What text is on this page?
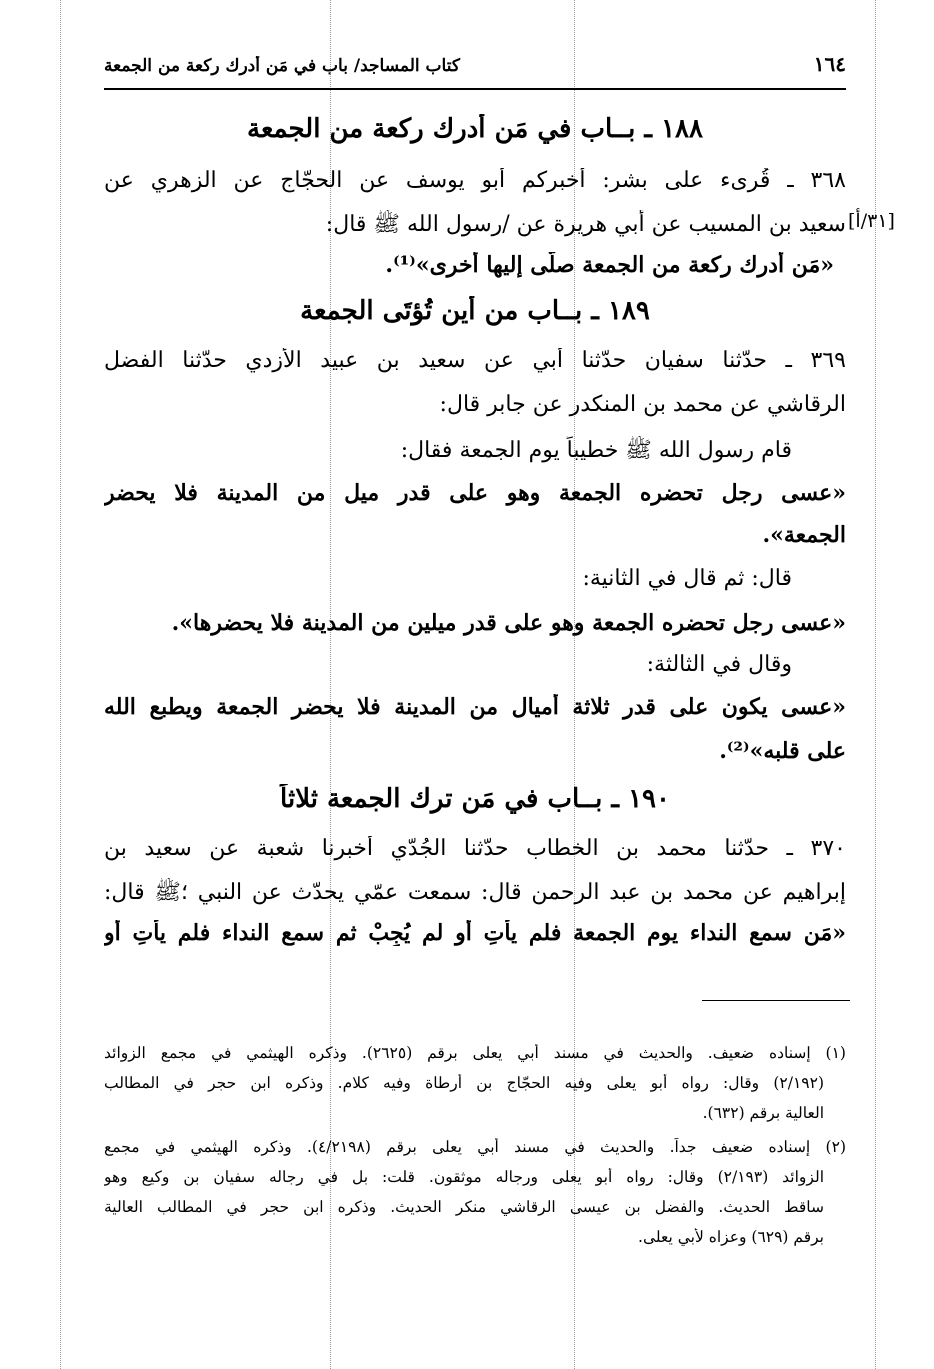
١٦٤
كتاب المساجد/ باب في مَن أدرك ركعة من الجمعة
١٨٨ ـ بــاب في مَن أدرك ركعة من الجمعة
٣٦٨ ـ قُرِىء على بشر: أخبركم أبو يوسف عن الحجّاج عن الزهري عن
سعيد بن المسيب عن أبي هريرة عن /رسول الله ﷺ قال:
«مَن أدرك ركعة من الجمعة صلّى إليها أخرى»⁽¹⁾.
١٨٩ ـ بــاب من أين تُؤتَى الجمعة
٣٦٩ ـ حدّثنا سفيان حدّثنا أبي عن سعيد بن عبيد الأزدي حدّثنا الفضل
الرقاشي عن محمد بن المنكدر عن جابر قال:
قام رسول الله ﷺ خطيباً يوم الجمعة فقال:
«عسى رجل تحضره الجمعة وهو على قدر ميل من المدينة فلا يحضر
الجمعة».
قال: ثم قال في الثانية:
«عسى رجل تحضره الجمعة وهو على قدر ميلين من المدينة فلا يحضرها».
وقال في الثالثة:
«عسى يكون على قدر ثلاثة أميال من المدينة فلا يحضر الجمعة ويطبع الله
على قلبه»⁽²⁾.
١٩٠ ـ بــاب في مَن ترك الجمعة ثلاثاً
٣٧٠ ـ حدّثنا محمد بن الخطاب حدّثنا الجُدّي أخبرنا شعبة عن سعيد بن
إبراهيم عن محمد بن عبد الرحمن قال: سمعت عمّي يحدّث عن النبي ؛ﷺ قال:
«مَن سمع النداء يوم الجمعة فلم يأتِ أو لم يُجِبْ ثم سمع النداء فلم يأتِ أو
(١) إسناده ضعيف. والحديث في مسند أبي يعلى برقم (٢٦٢٥). وذكره الهيثمي في مجمع الزوائد
(٢/١٩٢) وقال: رواه أبو يعلى وفيه الحجّاج بن أرطاة وفيه كلام. وذكره ابن حجر في المطالب
العالية برقم (٦٣٢).
(٢) إسناده ضعيف جداً. والحديث في مسند أبي يعلى برقم (٤/٢١٩٨). وذكره الهيثمي في مجمع
الزوائد (٢/١٩٣) وقال: رواه أبو يعلى ورجاله موثقون. قلت: بل في رجاله سفيان بن وكيع وهو
ساقط الحديث. والفضل بن عيسى الرقاشي منكر الحديث. وذكره ابن حجر في المطالب العالية
برقم (٦٢٩) وعزاه لأبي يعلى.
[٣١/أ]
